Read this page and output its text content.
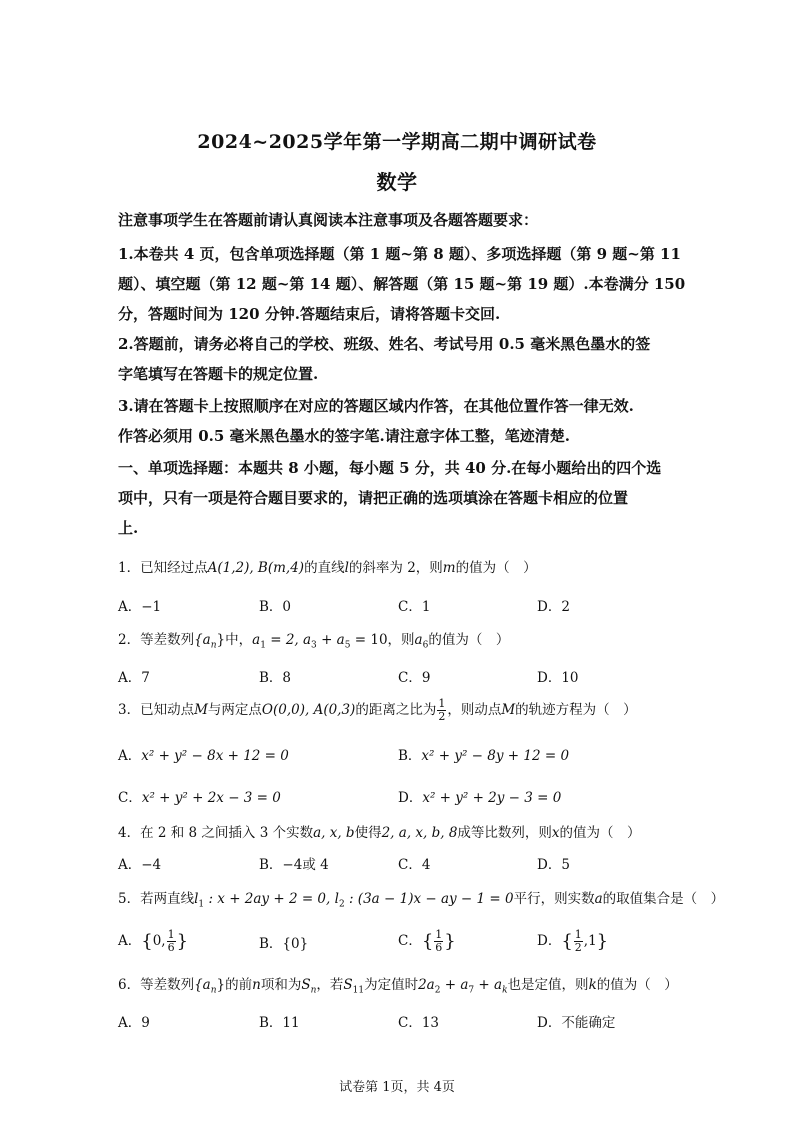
2024~2025学年第一学期高二期中调研试卷
数学
注意事项学生在答题前请认真阅读本注意事项及各题答题要求：
1.本卷共 4 页，包含单项选择题（第 1 题~第 8 题）、多项选择题（第 9 题~第 11
题）、填空题（第 12 题~第 14 题）、解答题（第 15 题~第 19 题）.本卷满分 150
分，答题时间为 120 分钟.答题结束后，请将答题卡交回.
2.答题前，请务必将自己的学校、班级、姓名、考试号用 0.5 毫米黑色墨水的签
字笔填写在答题卡的规定位置.
3.请在答题卡上按照顺序在对应的答题区域内作答，在其他位置作答一律无效.
作答必须用 0.5 毫米黑色墨水的签字笔.请注意字体工整，笔迹清楚.
一、单项选择题：本题共 8 小题，每小题 5 分，共 40 分.在每小题给出的四个选
项中，只有一项是符合题目要求的，请把正确的选项填涂在答题卡相应的位置
上.
1．已知经过点A(1,2), B(m,4)的直线l的斜率为 2，则m的值为（　）
A．−1	B．0	C．1	D．2
2．等差数列$\{a_n\}$中，$a_1 = 2$, $a_3 + a_5 = 10$，则$a_6$的值为（　）
A．7	B．8	C．9	D．10
3．已知动点M与两定点O(0,0), A(0,3)的距离之比为 $\frac{1}{2}$ ，则动点M的轨迹方程为（　）
A．x² + y² − 8x + 12 = 0	B．x² + y² − 8y + 12 = 0
C．x² + y² + 2x − 3 = 0	D．x² + y² + 2y − 3 = 0
4．在 2 和 8 之间插入 3 个实数a, x, b使得2, a, x, b, 8成等比数列，则x的值为（　）
A．−4	B．−4或 4	C．4	D．5
5．若两直线$l_1$ : x + 2ay + 2 = 0, $l_2$ : (3a − 1)x − ay − 1 = 0平行，则实数a的取值集合是（　）
A．{0, $\frac{1}{6}$ }	B．{0}	C．{ $\frac{1}{6}$ }	D．{ $\frac{1}{2} ,1$}
6．等差数列$\{a_n\}$的前n项和为$S_n$，若$S_{11}$为定值时$2a_2 + a_7 + a_k$也是定值，则k的值为（　）
A．9	B．11	C．13	D．不能确定
试卷第 1页，共 4页
